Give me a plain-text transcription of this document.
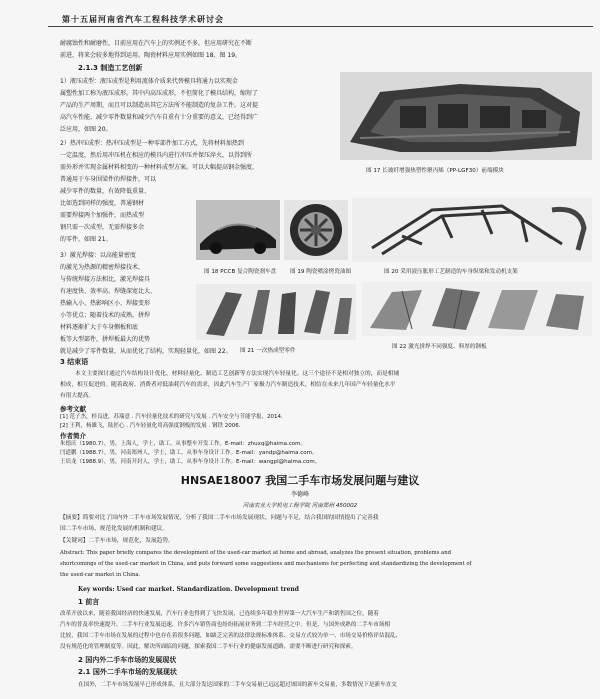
第十五届河南省汽车工程科技学术研讨会
耐腐蚀性和耐磨性，目前应用在汽车上的实例还不多，但应用研究在不断
前进，将来会较多地得到运用。陶瓷材料应用实例如图 18、图 19。
2.1.3 制造工艺创新
1）液压成型：液压成型是利用流体介质来代替模具将通力以实现金
属塑性加工称为液压成形。其中内高压成形，不但简化了模具结构，缩短了
产品的生产周期，而且可以制造出其它方法所不能制造的复杂工件。这对提
高汽车性能、减少零件数量和减少汽车自重有十分重要的意义，已经得到广
泛应用，如图 20。
2）热冲压成型：热冲压成型是一种零部件加工方式，先将材料加热到
一定温度，然后用冲压机在相应的模具内进行冲压并保压淬火，以得到所
需外形并实现金属材料相变的一种材料成型方案。可以大幅提高钢金强度、
普通用于车身围梁件的焊接件，可以
减少零件的数量，有效降低重量、
比如选到同样的强度，普通钢材
需要焊接两个加强件，而热成型
钢只需一次成型，无需焊接多余
的零件，如图 21。
3）激光焊接：以高能量密度
的激光为热源的精密焊接技术，
与传统焊接方法相比，激光焊接具
有速度快、效率高、焊缝深宽比大、
热输入小、热影响区小、焊接变形
小等优点；随着技术的成熟，拼焊
材料逐渐扩大于车身侧板和底
板等大型部件，拼焊板最大的优势
就是减少了零件数量，从而优化了结构，实现轻量化，如图 22。
图 17 长玻纤增强热塑性聚丙烯（PP-LGF30）前端模块
图 18 PCCB 复合陶瓷刹车盘 图 19 陶瓷喷涂烤瓷油图	图 20 采用液压胀形工艺制造的车身纵梁和发动机支架
图 21 一次热成型零件
图 22 激光拼焊不同强度、料厚的钢板
3 结束语
本文主要探讨通过汽车结构设计优化、材料轻量化、制造工艺创新等方法实现汽车轻量化。这三个途径不是相对独立的，而是相辅
相成，相互促进的。随着政府、消费者对低油耗汽车的需求，因此汽车生产厂家极力汽车制造技术，相信在未来几年国产车轻量化水平
有很大提高。
参考文献
[1] 范子杰，桂良进，苏瑞意 . 汽车轻量化技术的研究与发展 . 汽车安全与节能学报，2014.
[2] 王利，杨雄飞，陆匠心 . 汽车轻量化用高强度钢板的发展 . 钢铁 2006.
作者简介
朱德庆（1980.7），男，上海人，学士，助工。从事整车开发工作。E-mail：zhuxq@haima.com。
闫道鹏（1988.7），男，河南郑州人，学士，助工。从事车身设计工作。E-mail：yandp@haima.com。
王培龙（1988.9），男，河南开封人，学士，助工，从事车身设计工作。E-mail：wangpl@haima.com。
HNSAE18007 我国二手车市场发展问题与建议
李德峰
河南农业大学机电工程学院 河南郑州 450002
【摘要】简要对比了国内外二手车市场发展情况，分析了我国二手车市场发展现状、问题与不足，结合我国的国情提出了完善我
国二手车市场、规范化发展的机制和建议。
【关键词】二手车市场，规范化，发展趋势。
Abstract: This paper briefly compares the development of the used-car market at home and abroad, analyzes the present situation, problems and
shortcomings of the used-car market in China, and puts forward some suggestions and mechanisms for perfecting and standardizing the development of
the used-car market in China.
Key words: Used car market. Standardization. Development trend
1 前言
改革开放以来，随着我国经济的快速发展，汽车行业也得到了飞快发展，已连续多年稳坐世界第一大汽车生产和销售国之位。随着
汽车的普及率快速提升，二手车行业发展迅速，许多汽车销售商也纷纷拓展业务到二手车经营之中。但是，与国外成熟的二手车市场相
比较，我国二手车市场在发展的过程中也存在着很多问题，如缺乏完善的法律法规标准体系、交易方式较为单一、市场交易价格评估混乱、
没有规范化的管理制度等。因此，解决所面临的问题，探索我国二手车行业的健康发展道路，需要不断进行研究和探索。
2 国内外二手车市场的发展现状
2.1 国外二手车市场的发展现状
在国外，二手车市场发展早已形成体系，且大部分发达国家的二手车交易量已远远超过该国的新车交易量，多数情况下是新车直交
